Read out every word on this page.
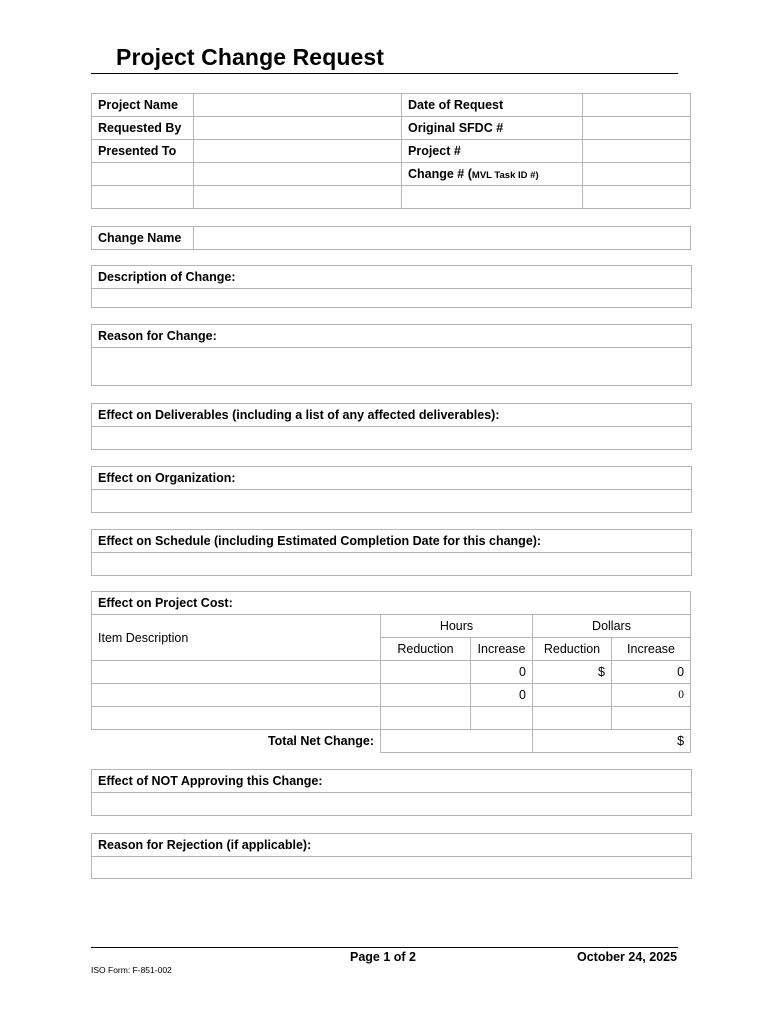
Project Change Request
Project Name		Date of Request	
Requested By		Original SFDC #	
Presented To		Project #	
		Change # (MVL Task ID #)	

Change Name	
Description of Change:

Reason for Change:

Effect on Deliverables (including a list of any affected deliverables):

Effect on Organization:

Effect on Schedule (including Estimated Completion Date for this change):

Effect on Project Cost:				
Item Description	Hours		Dollars	
	Reduction	Increase	Reduction	Increase
		0	$	0
		0		0

Total Net Change:			$	
Effect of NOT Approving this Change:

Reason for Rejection (if applicable):

Page 1 of 2	October 24, 2025
ISO Form: F-851-002
